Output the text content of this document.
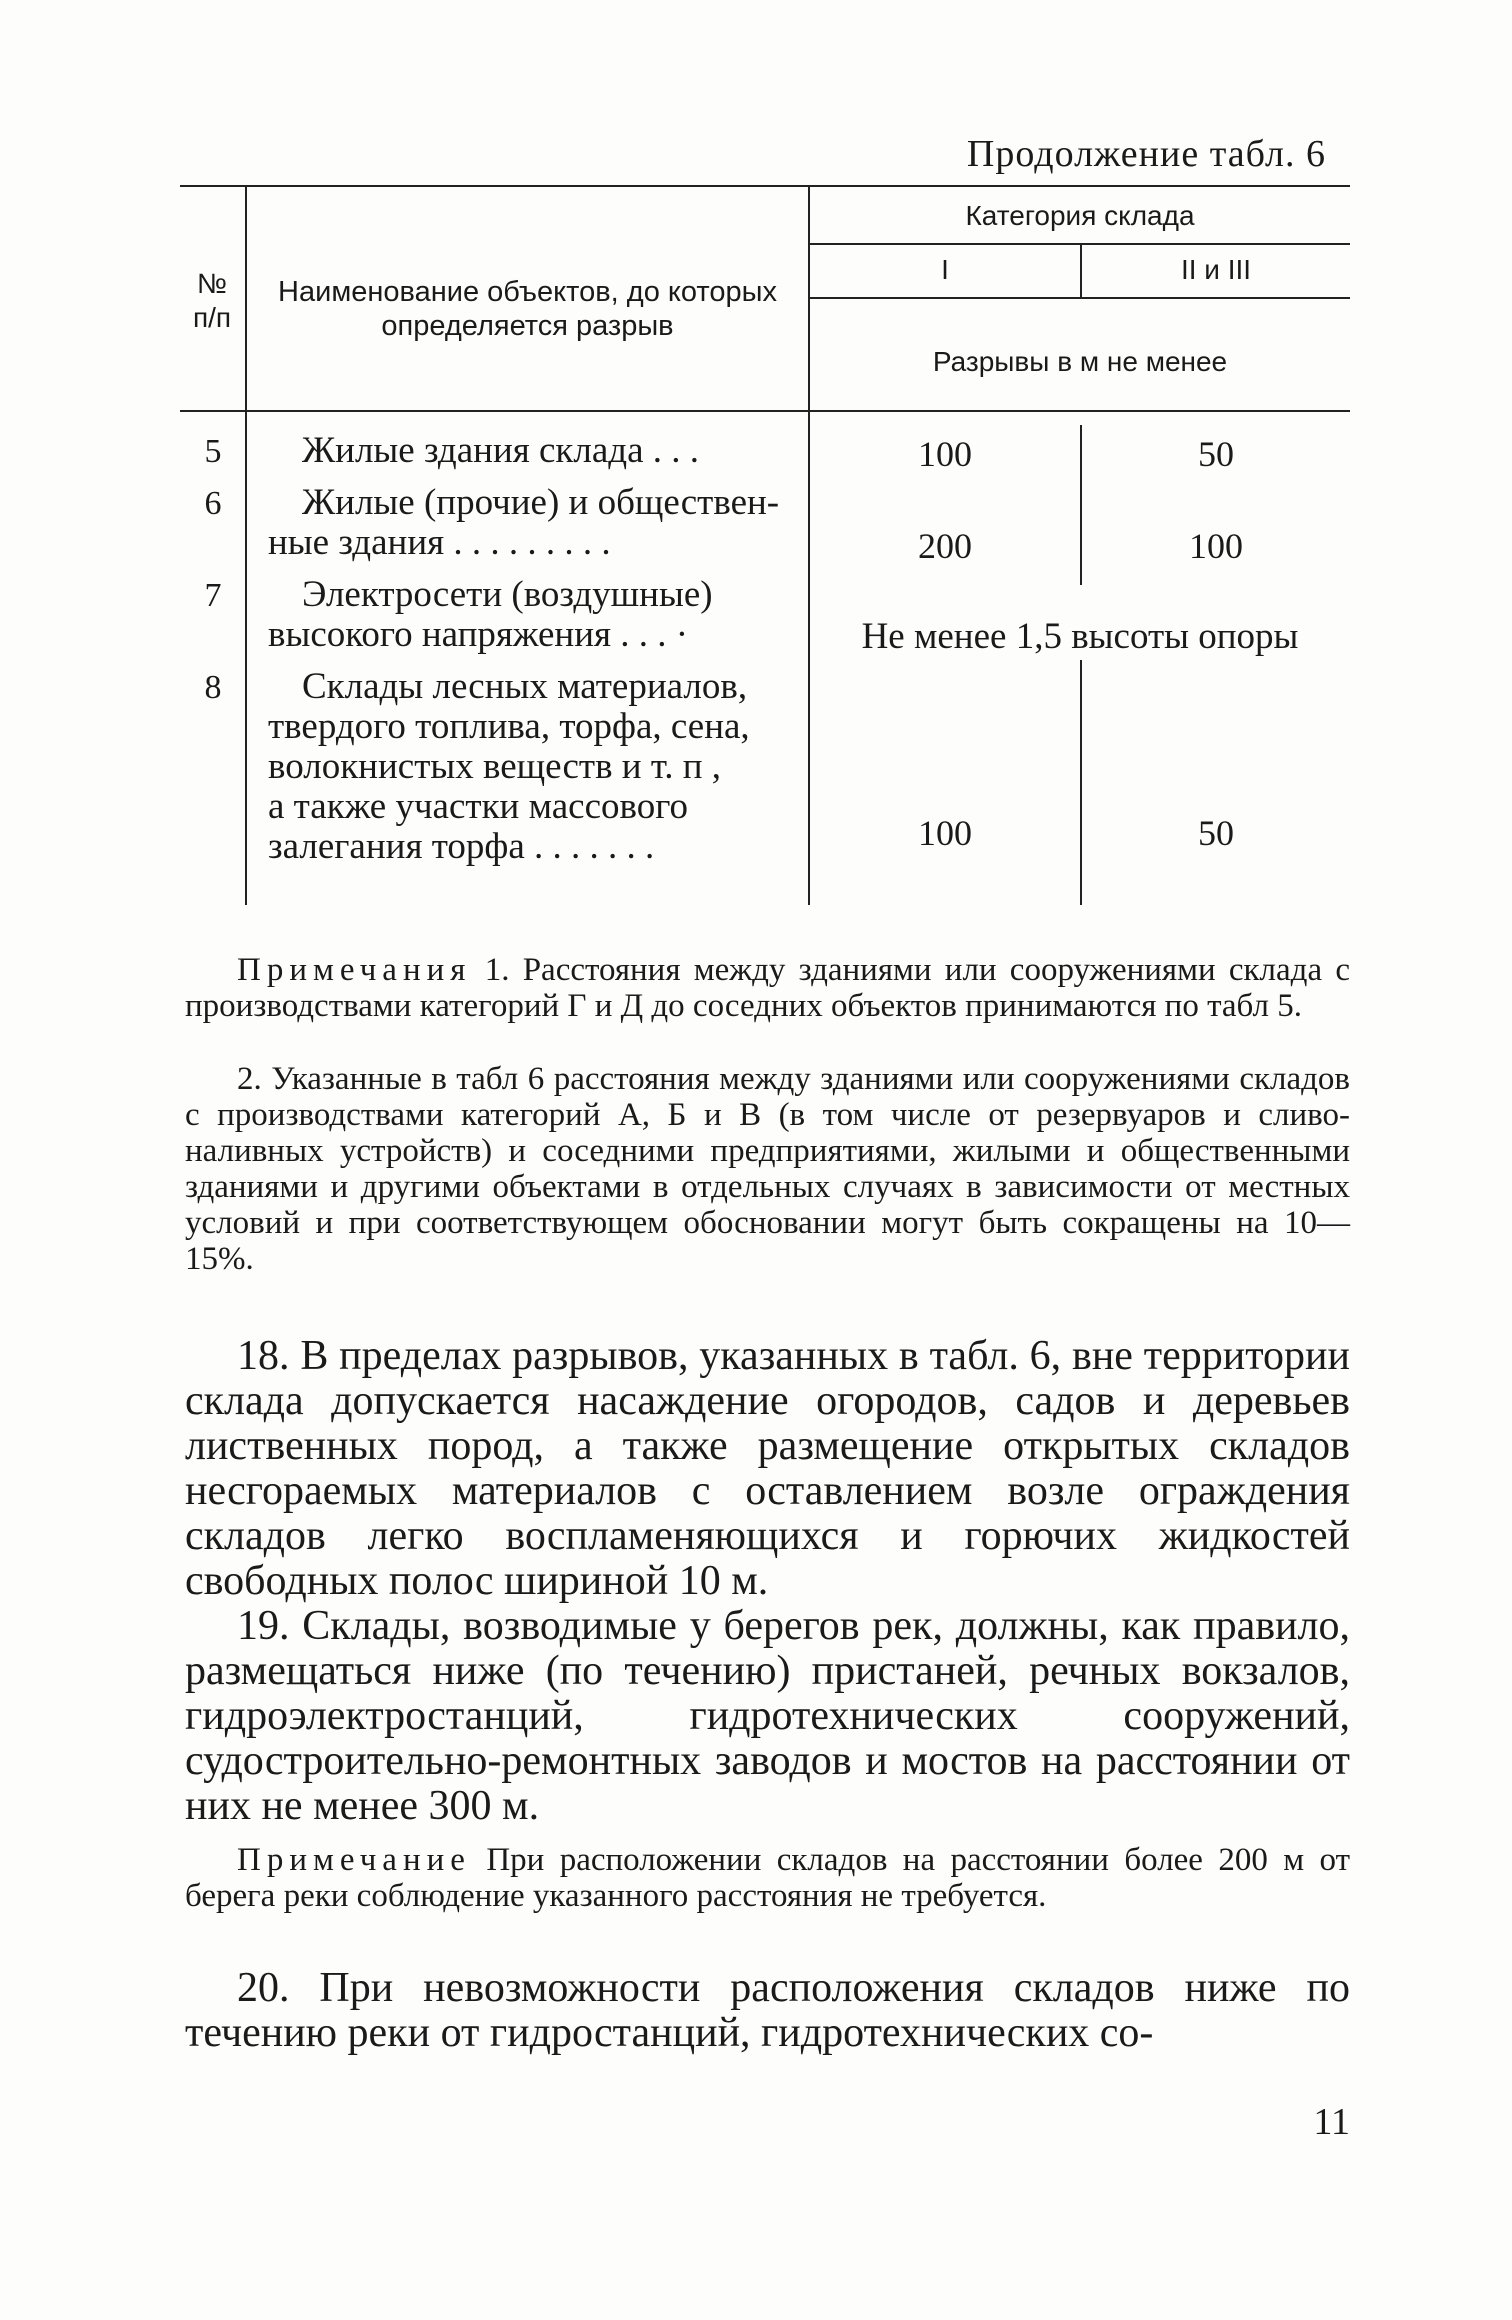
Продолжение табл. 6
№
п/п
Наименование объектов, до которых
определяется разрыв
Категория склада
I	II и III
Разрывы в м не менее
5	Жилые здания склада . . .	100	50
6	Жилые (прочие) и обществен-
ные здания . . . . . . . . .	200	100
7	Электросети (воздушные)
высокого напряжения . . . ·	Не менее 1,5 высоты опоры
8	Склады лесных материалов,
твердого топлива, торфа, сена,
волокнистых веществ и т. п ,
а также участки массового
залегания торфа . . . . . . .	100	50
Примечания 1. Расстояния между зданиями или сооружениями склада с производствами категорий Г и Д до соседних объектов принимаются по табл 5.
2. Указанные в табл 6 расстояния между зданиями или сооружениями складов с производствами категорий А, Б и В (в том числе от резервуаров и сливо-наливных устройств) и соседними предприятиями, жилыми и общественными зданиями и другими объектами в отдельных случаях в зависимости от местных условий и при соответствующем обосновании могут быть сокращены на 10—15%.
18. В пределах разрывов, указанных в табл. 6, вне территории склада допускается насаждение огородов, садов и деревьев лиственных пород, а также размещение открытых складов несгораемых материалов с оставлением возле ограждения складов легко воспламеняющихся и горючих жидкостей свободных полос шириной 10 м.
19. Склады, возводимые у берегов рек, должны, как правило, размещаться ниже (по течению) пристаней, речных вокзалов, гидроэлектростанций, гидротехнических сооружений, судостроительно-ремонтных заводов и мостов на расстоянии от них не менее 300 м.
Примечание При расположении складов на расстоянии более 200 м от берега реки соблюдение указанного расстояния не требуется.
20. При невозможности расположения складов ниже по течению реки от гидростанций, гидротехнических со-
11
